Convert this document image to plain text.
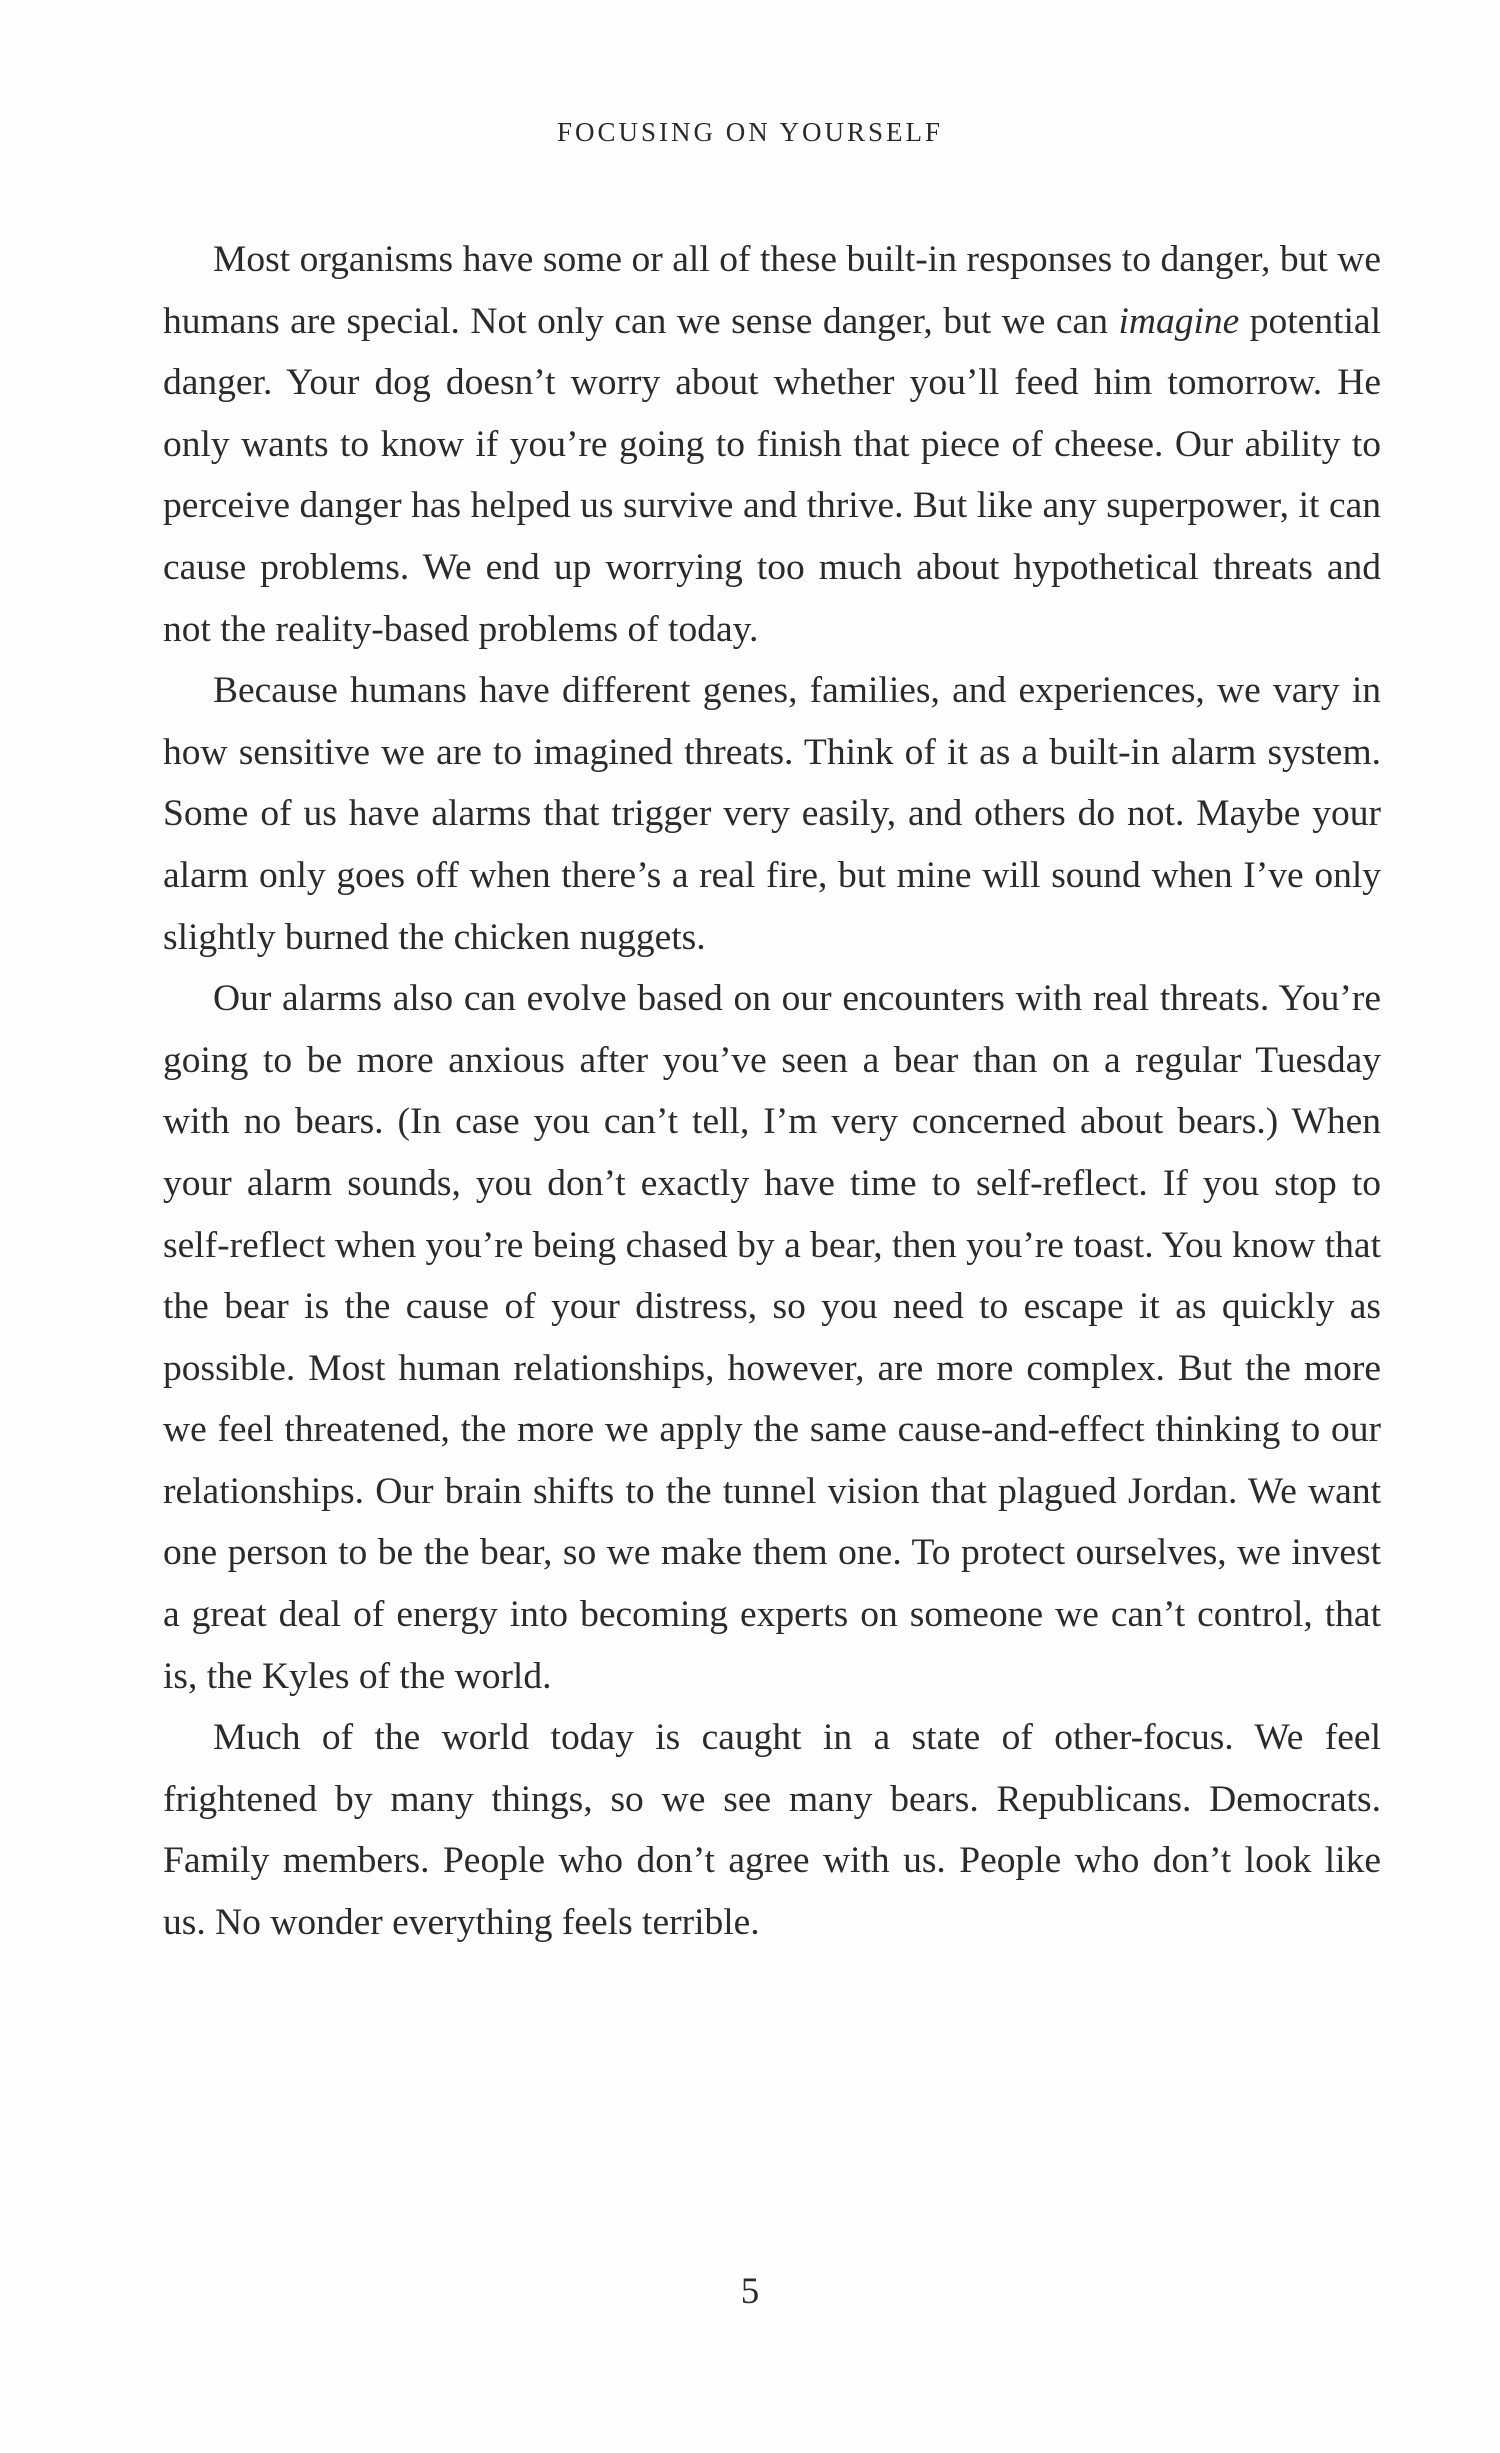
FOCUSING ON YOURSELF

Most organisms have some or all of these built-in responses to danger, but we humans are special. Not only can we sense danger, but we can imagine potential danger. Your dog doesn’t worry about whether you’ll feed him tomorrow. He only wants to know if you’re going to finish that piece of cheese. Our ability to perceive danger has helped us survive and thrive. But like any superpower, it can cause problems. We end up worrying too much about hypothetical threats and not the reality-based problems of today.

Because humans have different genes, families, and experiences, we vary in how sensitive we are to imagined threats. Think of it as a built-in alarm system. Some of us have alarms that trigger very easily, and others do not. Maybe your alarm only goes off when there’s a real fire, but mine will sound when I’ve only slightly burned the chicken nuggets.

Our alarms also can evolve based on our encounters with real threats. You’re going to be more anxious after you’ve seen a bear than on a regular Tuesday with no bears. (In case you can’t tell, I’m very concerned about bears.) When your alarm sounds, you don’t exactly have time to self-reflect. If you stop to self-reflect when you’re being chased by a bear, then you’re toast. You know that the bear is the cause of your distress, so you need to escape it as quickly as possible. Most human relationships, however, are more complex. But the more we feel threatened, the more we apply the same cause-and-effect thinking to our relationships. Our brain shifts to the tunnel vision that plagued Jordan. We want one person to be the bear, so we make them one. To protect ourselves, we invest a great deal of energy into becoming experts on someone we can’t control, that is, the Kyles of the world.

Much of the world today is caught in a state of other-focus. We feel frightened by many things, so we see many bears. Republicans. Democrats. Family members. People who don’t agree with us. People who don’t look like us. No wonder everything feels terrible.

5
